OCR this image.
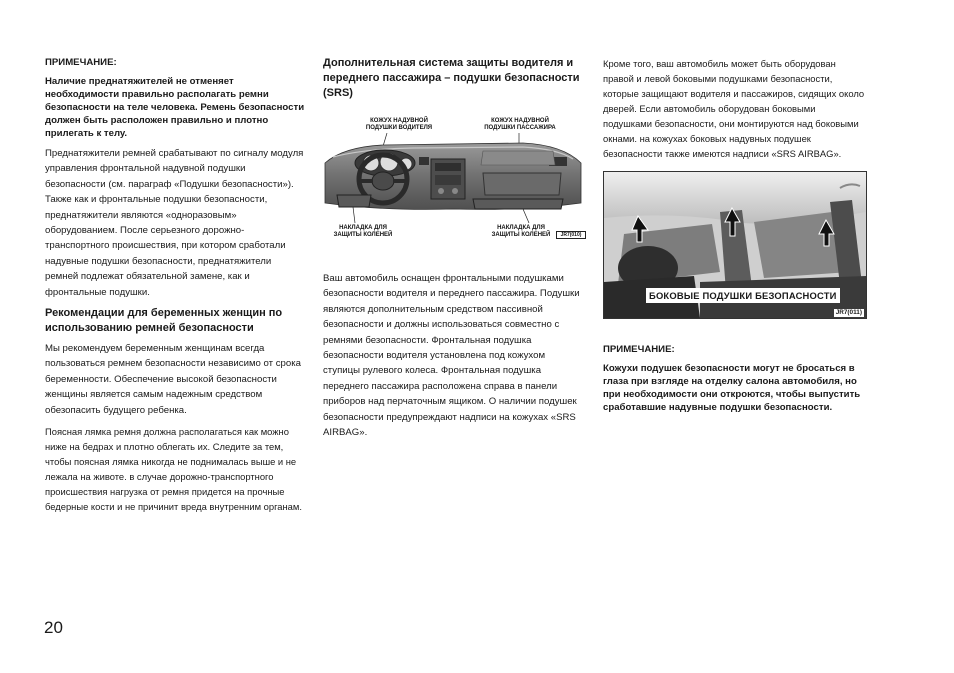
ПРИМЕЧАНИЕ:

Наличие преднатяжителей не отменяет необходимости правильно располагать ремни безопасности на теле человека. Ремень безопасности должен быть расположен правильно и плотно прилегать к телу.

Преднатяжители ремней срабатывают по сигналу модуля управления фронтальной надувной подушки безопасности (см. параграф «Подушки безопасности»). Также как и фронтальные подушки безопасности, преднатяжители являются «одноразовым» оборудованием. После серьезного дорожно-транспортного происшествия, при котором сработали надувные подушки безопасности, преднатяжители ремней подлежат обязательной замене, как и фронтальные подушки.

Рекомендации для беременных женщин по использованию ремней безопасности

Мы рекомендуем беременным женщинам всегда пользоваться ремнем безопасности независимо от срока беременности. Обеспечение высокой безопасности женщины является самым надежным средством обезопасить будущего ребенка.

Поясная лямка ремня должна располагаться как можно ниже на бедрах и плотно облегать их. Следите за тем, чтобы поясная лямка никогда не поднималась выше и не лежала на животе. в случае дорожно-транспортного происшествия нагрузка от ремня придется на прочные бедерные кости и не причинит вреда внутренним органам.

Дополнительная система защиты водителя и переднего пассажира – подушки безопасности (SRS)

КОЖУХ НАДУВНОЙ ПОДУШКИ ВОДИТЕЛЯ
КОЖУХ НАДУВНОЙ ПОДУШКИ ПАССАЖИРА
НАКЛАДКА ДЛЯ ЗАЩИТЫ КОЛЕНЕЙ
НАКЛАДКА ДЛЯ ЗАЩИТЫ КОЛЕНЕЙ	JR7(010)

Ваш автомобиль оснащен фронтальными подушками безопасности водителя и переднего пассажира. Подушки являются дополнительным средством пассивной безопасности и должны использоваться совместно с ремнями безопасности. Фронтальная подушка безопасности водителя установлена под кожухом ступицы рулевого колеса. Фронтальная подушка переднего пассажира расположена справа в панели приборов над перчаточным ящиком. О наличии подушек безопасности предупреждают надписи на кожухах «SRS AIRBAG».

Кроме того, ваш автомобиль может быть оборудован правой и левой боковыми подушками безопасности, которые защищают водителя и пассажиров, сидящих около дверей. Если автомобиль оборудован боковыми подушками безопасности, они монтируются над боковыми окнами. на кожухах боковых надувных подушек безопасности также имеются надписи «SRS AIRBAG».

БОКОВЫЕ ПОДУШКИ БЕЗОПАСНОСТИ
JR7(011)

ПРИМЕЧАНИЕ:

Кожухи подушек безопасности могут не бросаться в глаза при взгляде на отделку салона автомобиля, но при необходимости они откроются, чтобы выпустить сработавшие надувные подушки безопасности.

20
